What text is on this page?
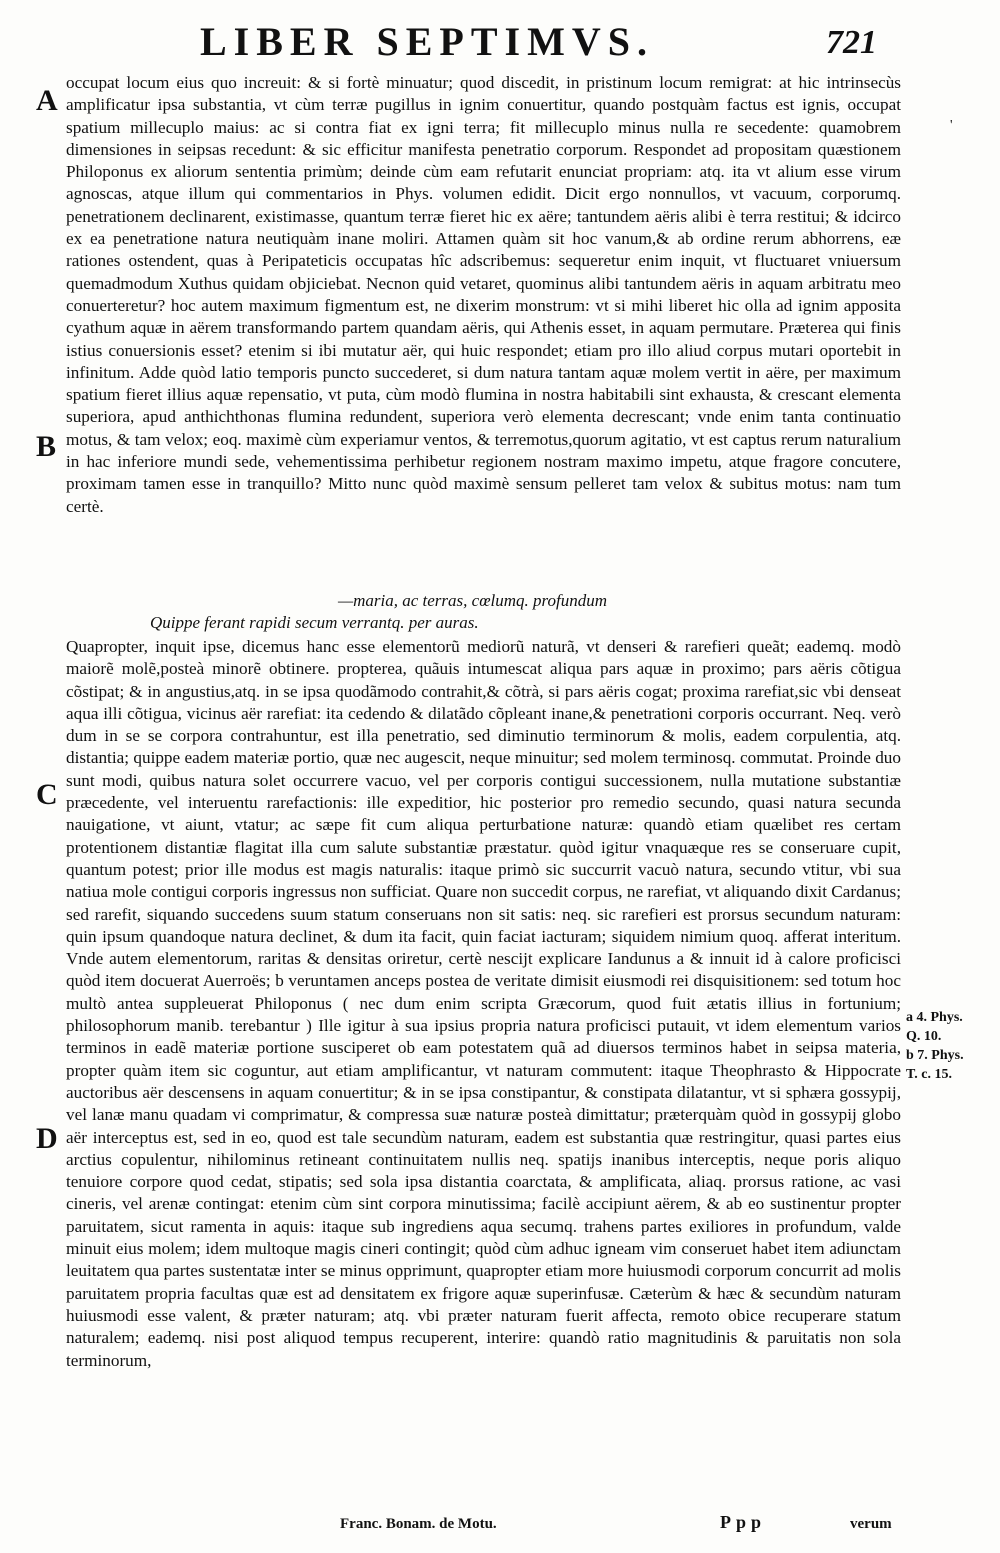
LIBER SEPTIMVS.	721
A
B
C
D
'

occupat locum eius quo increuit: & si fortè minuatur; quod discedit, in pristinum locum remigrat: at hic intrinsecùs amplificatur ipsa substantia, vt cùm terræ pugillus in ignim conuertitur, quando postquàm factus est ignis, occupat spatium millecuplo maius: ac si contra fiat ex igni terra; fit millecuplo minus nulla re secedente: quamobrem dimensiones in seipsas recedunt: & sic efficitur manifesta penetratio corporum. Respondet ad propositam quæstionem Philoponus ex aliorum sententia primùm; deinde cùm eam refutarit enunciat propriam: atq. ita vt alium esse virum agnoscas, atque illum qui commentarios in Phys. volumen edidit. Dicit ergo nonnullos, vt vacuum, corporumq. penetrationem declinarent, existimasse, quantum terræ fieret hic ex aëre; tantundem aëris alibi è terra restitui; & idcirco ex ea penetratione natura neutiquàm inane moliri. Attamen quàm sit hoc vanum,& ab ordine rerum abhorrens, eæ rationes ostendent, quas à Peripateticis occupatas hîc adscribemus: sequeretur enim inquit, vt fluctuaret vniuersum quemadmodum Xuthus quidam objiciebat. Necnon quid vetaret, quominus alibi tantundem aëris in aquam arbitratu meo conuerteretur? hoc autem maximum figmentum est, ne dixerim monstrum: vt si mihi liberet hic olla ad ignim apposita cyathum aquæ in aërem transformando partem quandam aëris, qui Athenis esset, in aquam permutare. Præterea qui finis istius conuersionis esset? etenim si ibi mutatur aër, qui huic respondet; etiam pro illo aliud corpus mutari oportebit in infinitum. Adde quòd latio temporis puncto succederet, si dum natura tantam aquæ molem vertit in aëre, per maximum spatium fieret illius aquæ repensatio, vt puta, cùm modò flumina in nostra habitabili sint exhausta, & crescant elementa superiora, apud anthichthonas flumina redundent, superiora verò elementa decrescant; vnde enim tanta continuatio motus, & tam velox; eoq. maximè cùm experiamur ventos, & terremotus,quorum agitatio, vt est captus rerum naturalium in hac inferiore mundi sede, vehementissima perhibetur regionem nostram maximo impetu, atque fragore concutere, proximam tamen esse in tranquillo? Mitto nunc quòd maximè sensum pelleret tam velox & subitus motus: nam tum certè.

—maria, ac terras, cœlumq. profundum
Quippe ferant rapidi secum verrantq. per auras.

Quapropter, inquit ipse, dicemus hanc esse elementorũ mediorũ naturã, vt denseri & rarefieri queãt; eademq. modò maiorẽ molẽ,posteà minorẽ obtinere. propterea, quãuis intumescat aliqua pars aquæ in proximo; pars aëris cõtigua cõstipat; & in angustius,atq. in se ipsa quodãmodo contrahit,& cõtrà, si pars aëris cogat; proxima rarefiat,sic vbi denseat aqua illi cõtigua, vicinus aër rarefiat: ita cedendo & dilatãdo cõpleant inane,& penetrationi corporis occurrant. Neq. verò dum in se se corpora contrahuntur, est illa penetratio, sed diminutio terminorum & molis, eadem corpulentia, atq. distantia; quippe eadem materiæ portio, quæ nec augescit, neque minuitur; sed molem terminosq. commutat. Proinde duo sunt modi, quibus natura solet occurrere vacuo, vel per corporis contigui successionem, nulla mutatione substantiæ præcedente, vel interuentu rarefactionis: ille expeditior, hic posterior pro remedio secundo, quasi natura secunda nauigatione, vt aiunt, vtatur; ac sæpe fit cum aliqua perturbatione naturæ: quandò etiam quælibet res certam protentionem distantiæ flagitat illa cum salute substantiæ præstatur. quòd igitur vnaquæque res se conseruare cupit, quantum potest; prior ille modus est magis naturalis: itaque primò sic succurrit vacuò natura, secundo vtitur, vbi sua natiua mole contigui corporis ingressus non sufficiat. Quare non succedit corpus, ne rarefiat, vt aliquando dixit Cardanus; sed rarefit, siquando succedens suum statum conseruans non sit satis: neq. sic rarefieri est prorsus secundum naturam: quin ipsum quandoque natura declinet, & dum ita facit, quin faciat iacturam; siquidem nimium quoq. afferat interitum. Vnde autem elementorum, raritas & densitas oriretur, certè nescijt explicare Iandunus a & innuit id à calore proficisci quòd item docuerat Auerroës; b veruntamen anceps postea de veritate dimisit eiusmodi rei disquisitionem: sed totum hoc multò antea suppleuerat Philoponus ( nec dum enim scripta Græcorum, quod fuit ætatis illius in fortunium; philosophorum manib. terebantur ) Ille igitur à sua ipsius propria natura proficisci putauit, vt idem elementum varios terminos in eadẽ materiæ portione susciperet ob eam potestatem quã ad diuersos terminos habet in seipsa materia, propter quàm item sic coguntur, aut etiam amplificantur, vt naturam commutent: itaque Theophrasto & Hippocrate auctoribus aër descensens in aquam conuertitur; & in se ipsa constipantur, & constipata dilatantur, vt si sphæra gossypij, vel lanæ manu quadam vi comprimatur, & compressa suæ naturæ posteà dimittatur; præterquàm quòd in gossypij globo aër interceptus est, sed in eo, quod est tale secundùm naturam, eadem est substantia quæ restringitur, quasi partes eius arctius copulentur, nihilominus retineant continuitatem nullis neq. spatijs inanibus interceptis, neque poris aliquo tenuiore corpore quod cedat, stipatis; sed sola ipsa distantia coarctata, & amplificata, aliaq. prorsus ratione, ac vasi cineris, vel arenæ contingat: etenim cùm sint corpora minutissima; facilè accipiunt aërem, & ab eo sustinentur propter paruitatem, sicut ramenta in aquis: itaque sub ingrediens aqua secumq. trahens partes exiliores in profundum, valde minuit eius molem; idem multoque magis cineri contingit; quòd cùm adhuc igneam vim conseruet habet item adiunctam leuitatem qua partes sustentatæ inter se minus opprimunt, quapropter etiam more huiusmodi corporum concurrit ad molis paruitatem propria facultas quæ est ad densitatem ex frigore aquæ superinfusæ. Cæterùm & hæc & secundùm naturam huiusmodi esse valent, & præter naturam; atq. vbi præter naturam fuerit affecta, remoto obice recuperare statum naturalem; eademq. nisi post aliquod tempus recuperent, interire: quandò ratio magnitudinis & paruitatis non sola terminorum,

a 4. Phys.
Q. 10.
b 7. Phys.
T. c. 15.
Franc. Bonam. de Motu.	Ppp	verum
